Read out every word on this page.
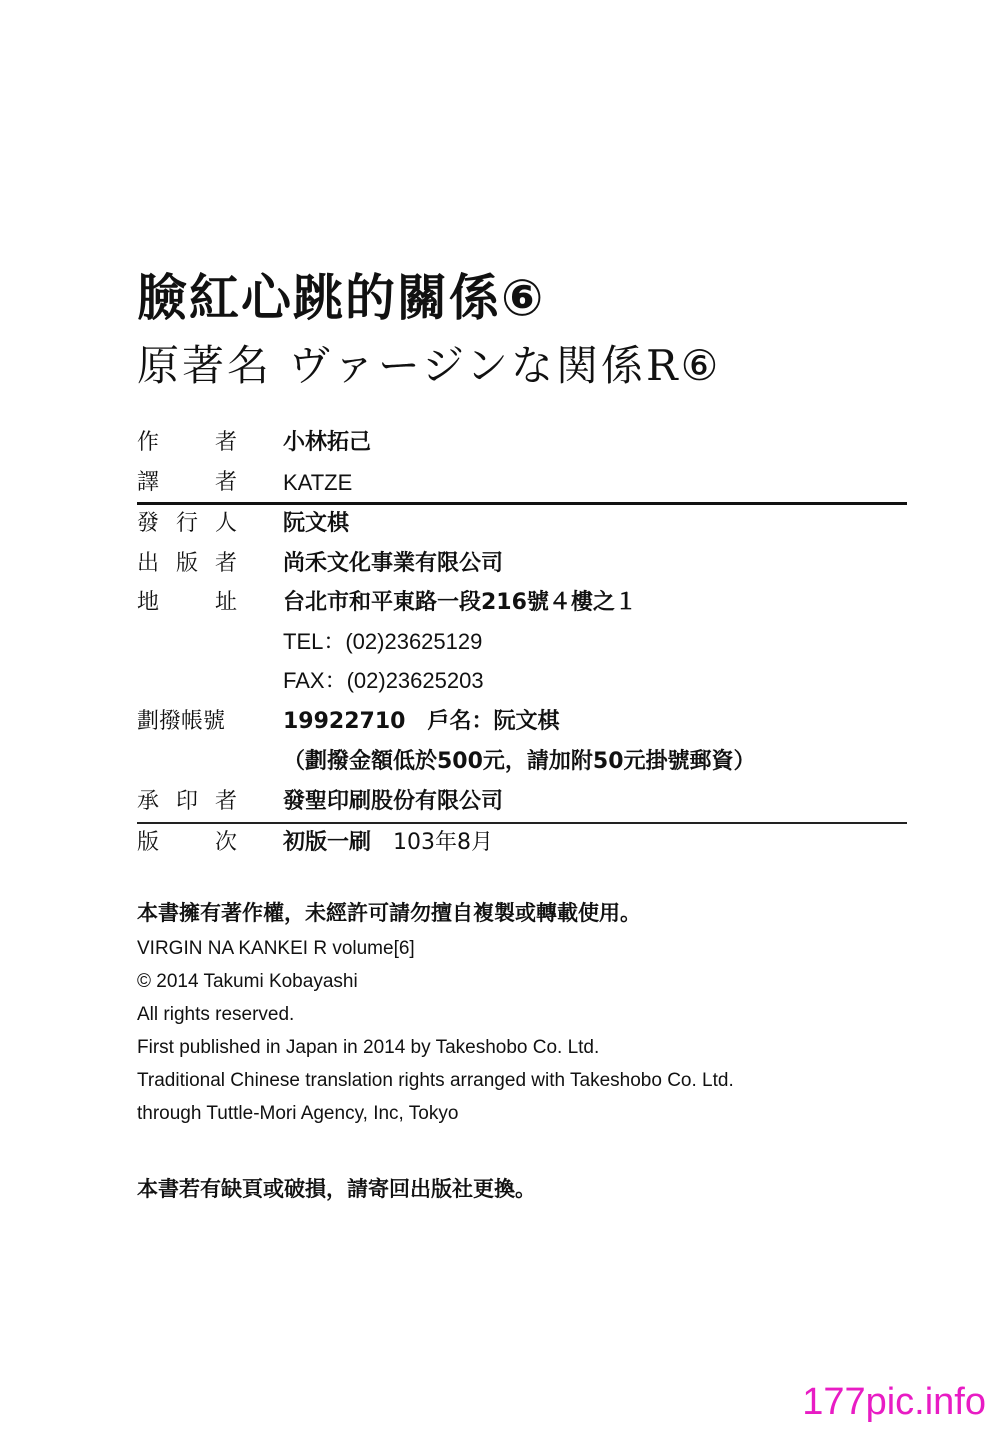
臉紅心跳的關係⑥
原著名 ヴァージンな関係R⑥
作	者 小林拓己
譯	者 KATZE
發 行 人 阮文棋
出 版 者 尚禾文化事業有限公司
地	址 台北市和平東路一段216號４樓之１
TEL：(02)23625129
FAX：(02)23625203
劃撥帳號	19922710 戶名：阮文棋
（劃撥金額低於500元，請加附50元掛號郵資）
承 印 者 發聖印刷股份有限公司
版	次 初版一刷 103年8月
本書擁有著作權，未經許可請勿擅自複製或轉載使用。
VIRGIN NA KANKEI R volume[6]
© 2014 Takumi Kobayashi
All rights reserved.
First published in Japan in 2014 by Takeshobo Co. Ltd.
Traditional Chinese translation rights arranged with Takeshobo Co. Ltd.
through Tuttle-Mori Agency, Inc, Tokyo
本書若有缺頁或破損，請寄回出版社更換。
177pic.info
